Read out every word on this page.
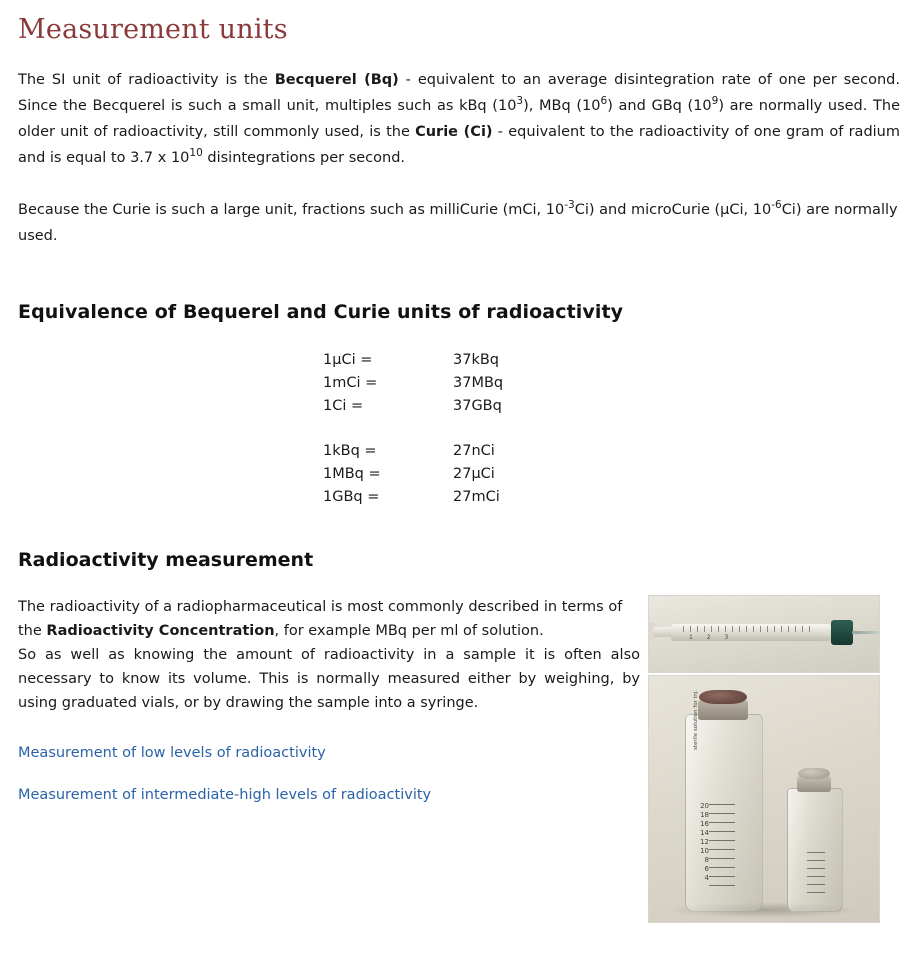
Measurement units

The SI unit of radioactivity is the Becquerel (Bq) - equivalent to an average disintegration rate of one per second. Since the Becquerel is such a small unit, multiples such as kBq $(10^3)$, MBq $(10^6)$ and GBq $(10^9)$ are normally used. The older unit of radioactivity, still commonly used, is the Curie (Ci) - equivalent to the radioactivity of one gram of radium and is equal to 3.7 x $10^{10}$ disintegrations per second.

Because the Curie is such a large unit, fractions such as milliCurie (mCi, $10^{-3}Ci$) and microCurie (µCi, $10^{-6}Ci$) are normally used.

Equivalence of Bequerel and Curie units of radioactivity
1µCi =	37kBq
1mCi =	37MBq
1Ci =	37GBq

1kBq =	27nCi
1MBq =	27µCi
1GBq =	27mCi
Radioactivity measurement

The radioactivity of a radiopharmaceutical is most commonly described in terms of the Radioactivity Concentration, for example MBq per ml of solution.

So as well as knowing the amount of radioactivity in a sample it is often also necessary to know its volume. This is normally measured either by weighing, by using graduated vials, or by drawing the sample into a syringe.

Measurement of low levels of radioactivity
Measurement of intermediate-high levels of radioactivity
1 2 3
20
18
16
14
12
10
8
6
4
